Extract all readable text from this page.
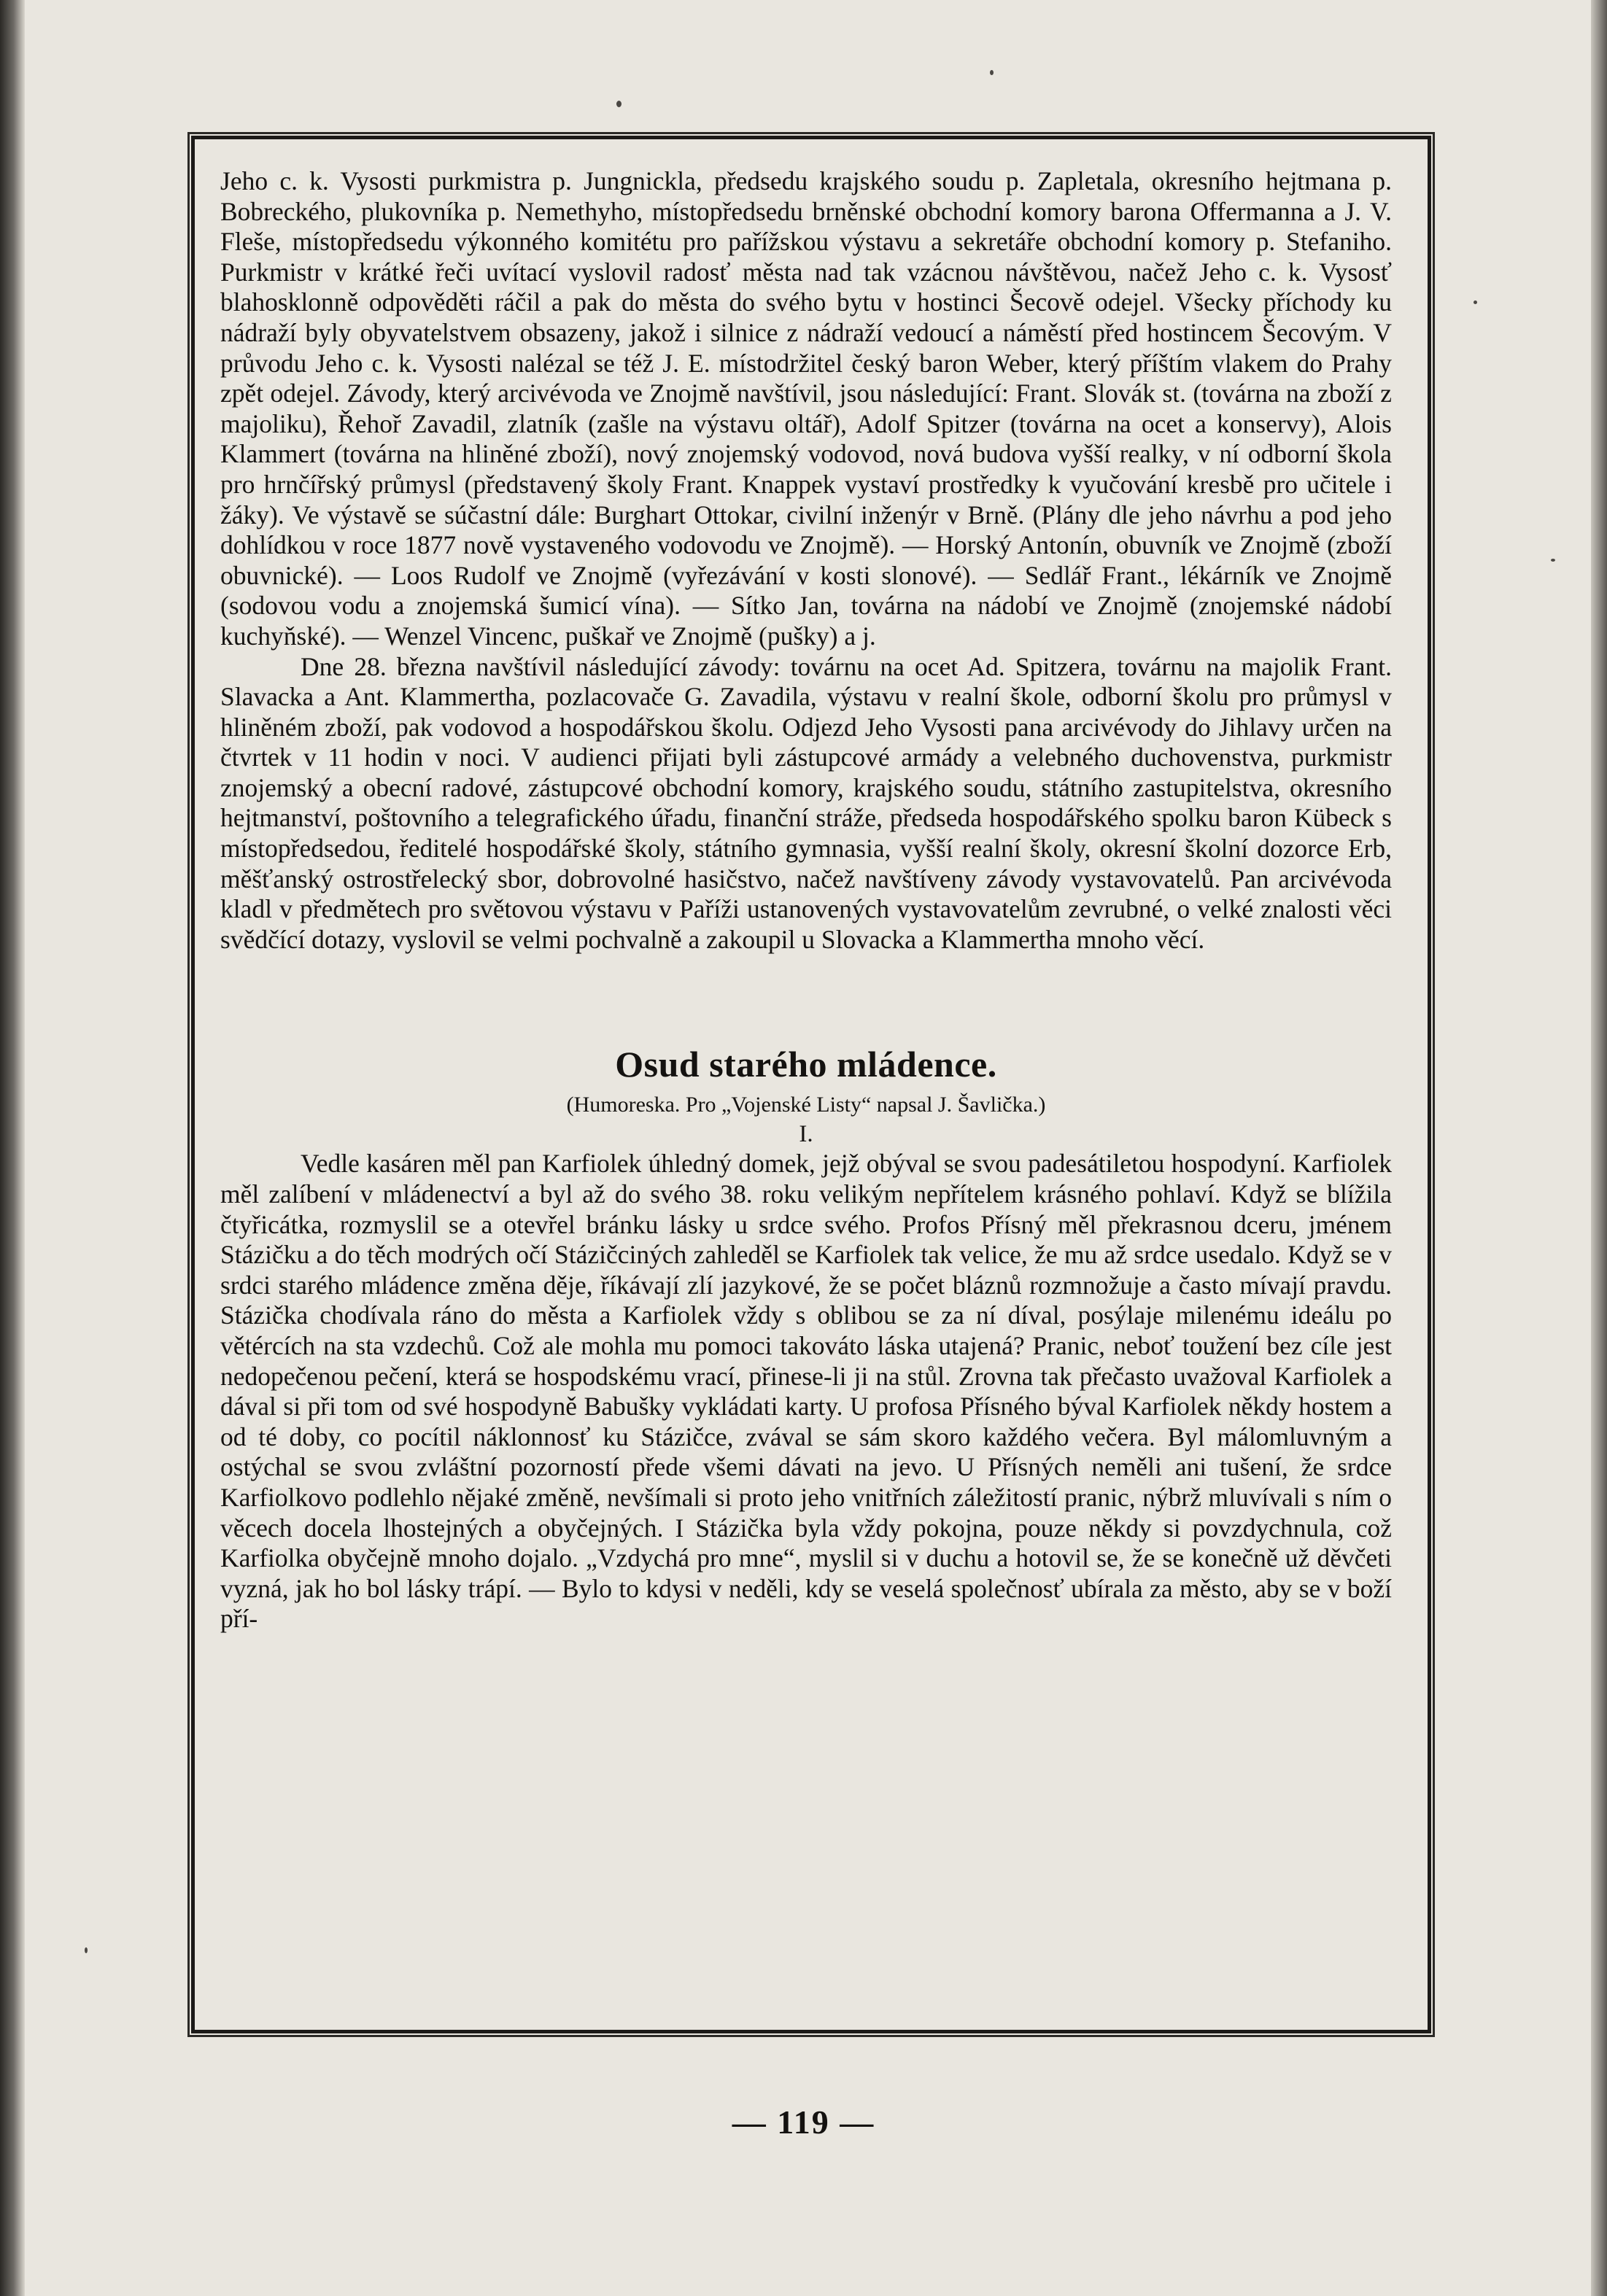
Jeho c. k. Vysosti purkmistra p. Jungnickla, předsedu krajského soudu p. Zapletala, okresního hejtmana p. Bobreckého, plukovníka p. Nemethyho, místopředsedu brněnské obchodní komory barona Offermanna a J. V. Fleše, místopředsedu výkonného komitétu pro pařížskou výstavu a sekretáře obchodní komory p. Stefaniho. Purkmistr v krátké řeči uvítací vyslovil radosť města nad tak vzácnou návštěvou, načež Jeho c. k. Vysosť blahosklonně odpověděti ráčil a pak do města do svého bytu v hostinci Šecově odejel. Všecky příchody ku nádraží byly obyvatelstvem obsazeny, jakož i silnice z nádraží vedoucí a náměstí před hostincem Šecovým. V průvodu Jeho c. k. Vysosti nalézal se též J. E. místodržitel český baron Weber, který příštím vlakem do Prahy zpět odejel. Závody, který arcivévoda ve Znojmě navštívil, jsou následující: Frant. Slovák st. (továrna na zboží z majoliku), Řehoř Zavadil, zlatník (zašle na výstavu oltář), Adolf Spitzer (továrna na ocet a konservy), Alois Klammert (továrna na hliněné zboží), nový znojemský vodovod, nová budova vyšší realky, v ní odborní škola pro hrnčířský průmysl (představený školy Frant. Knappek vystaví prostředky k vyučování kresbě pro učitele i žáky). Ve výstavě se súčastní dále: Burghart Ottokar, civilní inženýr v Brně. (Plány dle jeho návrhu a pod jeho dohlídkou v roce 1877 nově vystaveného vodovodu ve Znojmě). — Horský Antonín, obuvník ve Znojmě (zboží obuvnické). — Loos Rudolf ve Znojmě (vyřezávání v kosti slonové). — Sedlář Frant., lékárník ve Znojmě (sodovou vodu a znojemská šumicí vína). — Sítko Jan, továrna na nádobí ve Znojmě (znojemské nádobí kuchyňské). — Wenzel Vincenc, puškař ve Znojmě (pušky) a j.

Dne 28. března navštívil následující závody: továrnu na ocet Ad. Spitzera, továrnu na majolik Frant. Slavacka a Ant. Klammertha, pozlacovače G. Zavadila, výstavu v realní škole, odborní školu pro průmysl v hliněném zboží, pak vodovod a hospodářskou školu. Odjezd Jeho Vysosti pana arcivévody do Jihlavy určen na čtvrtek v 11 hodin v noci. V audienci přijati byli zástupcové armády a velebného duchovenstva, purkmistr znojemský a obecní radové, zástupcové obchodní komory, krajského soudu, státního zastupitelstva, okresního hejtmanství, poštovního a telegrafického úřadu, finanční stráže, předseda hospodářského spolku baron Kübeck s místopředsedou, ředitelé hospodářské školy, státního gymnasia, vyšší realní školy, okresní školní dozorce Erb, měšťanský ostrostřelecký sbor, dobrovolné hasičstvo, načež navštíveny závody vystavovatelů. Pan arcivévoda kladl v předmětech pro světovou výstavu v Paříži ustanovených vystavovatelům zevrubné, o velké znalosti věci svědčící dotazy, vyslovil se velmi pochvalně a zakoupil u Slovacka a Klammertha mnoho věcí.

Osud starého mládence.

(Humoreska. Pro „Vojenské Listy“ napsal J. Šavlička.)

I.

Vedle kasáren měl pan Karfiolek úhledný domek, jejž obýval se svou padesátiletou hospodyní. Karfiolek měl zalíbení v mládenectví a byl až do svého 38. roku velikým nepřítelem krásného pohlaví. Když se blížila čtyřicátka, rozmyslil se a otevřel bránku lásky u srdce svého. Profos Přísný měl překrasnou dceru, jménem Stázičku a do těch modrých očí Stázičciných zahleděl se Karfiolek tak velice, že mu až srdce usedalo. Když se v srdci starého mládence změna děje, říkávají zlí jazykové, že se počet bláznů rozmnožuje a často mívají pravdu. Stázička chodívala ráno do města a Karfiolek vždy s oblibou se za ní díval, posýlaje milenému ideálu po větércích na sta vzdechů. Což ale mohla mu pomoci takováto láska utajená? Pranic, neboť toužení bez cíle jest nedopečenou pečení, která se hospodskému vrací, přinese-li ji na stůl. Zrovna tak přečasto uvažoval Karfiolek a dával si při tom od své hospodyně Babušky vykládati karty. U profosa Přísného býval Karfiolek někdy hostem a od té doby, co pocítil náklonnosť ku Stázičce, zvával se sám skoro každého večera. Byl málomluvným a ostýchal se svou zvláštní pozorností přede všemi dávati na jevo. U Přísných neměli ani tušení, že srdce Karfiolkovo podlehlo nějaké změně, nevšímali si proto jeho vnitřních záležitostí pranic, nýbrž mluvívali s ním o věcech docela lhostejných a obyčejných. I Stázička byla vždy pokojna, pouze někdy si povzdychnula, což Karfiolka obyčejně mnoho dojalo. „Vzdychá pro mne“, myslil si v duchu a hotovil se, že se konečně už děvčeti vyzná, jak ho bol lásky trápí. — Bylo to kdysi v neděli, kdy se veselá společnosť ubírala za město, aby se v boží pří-

— 119 —
